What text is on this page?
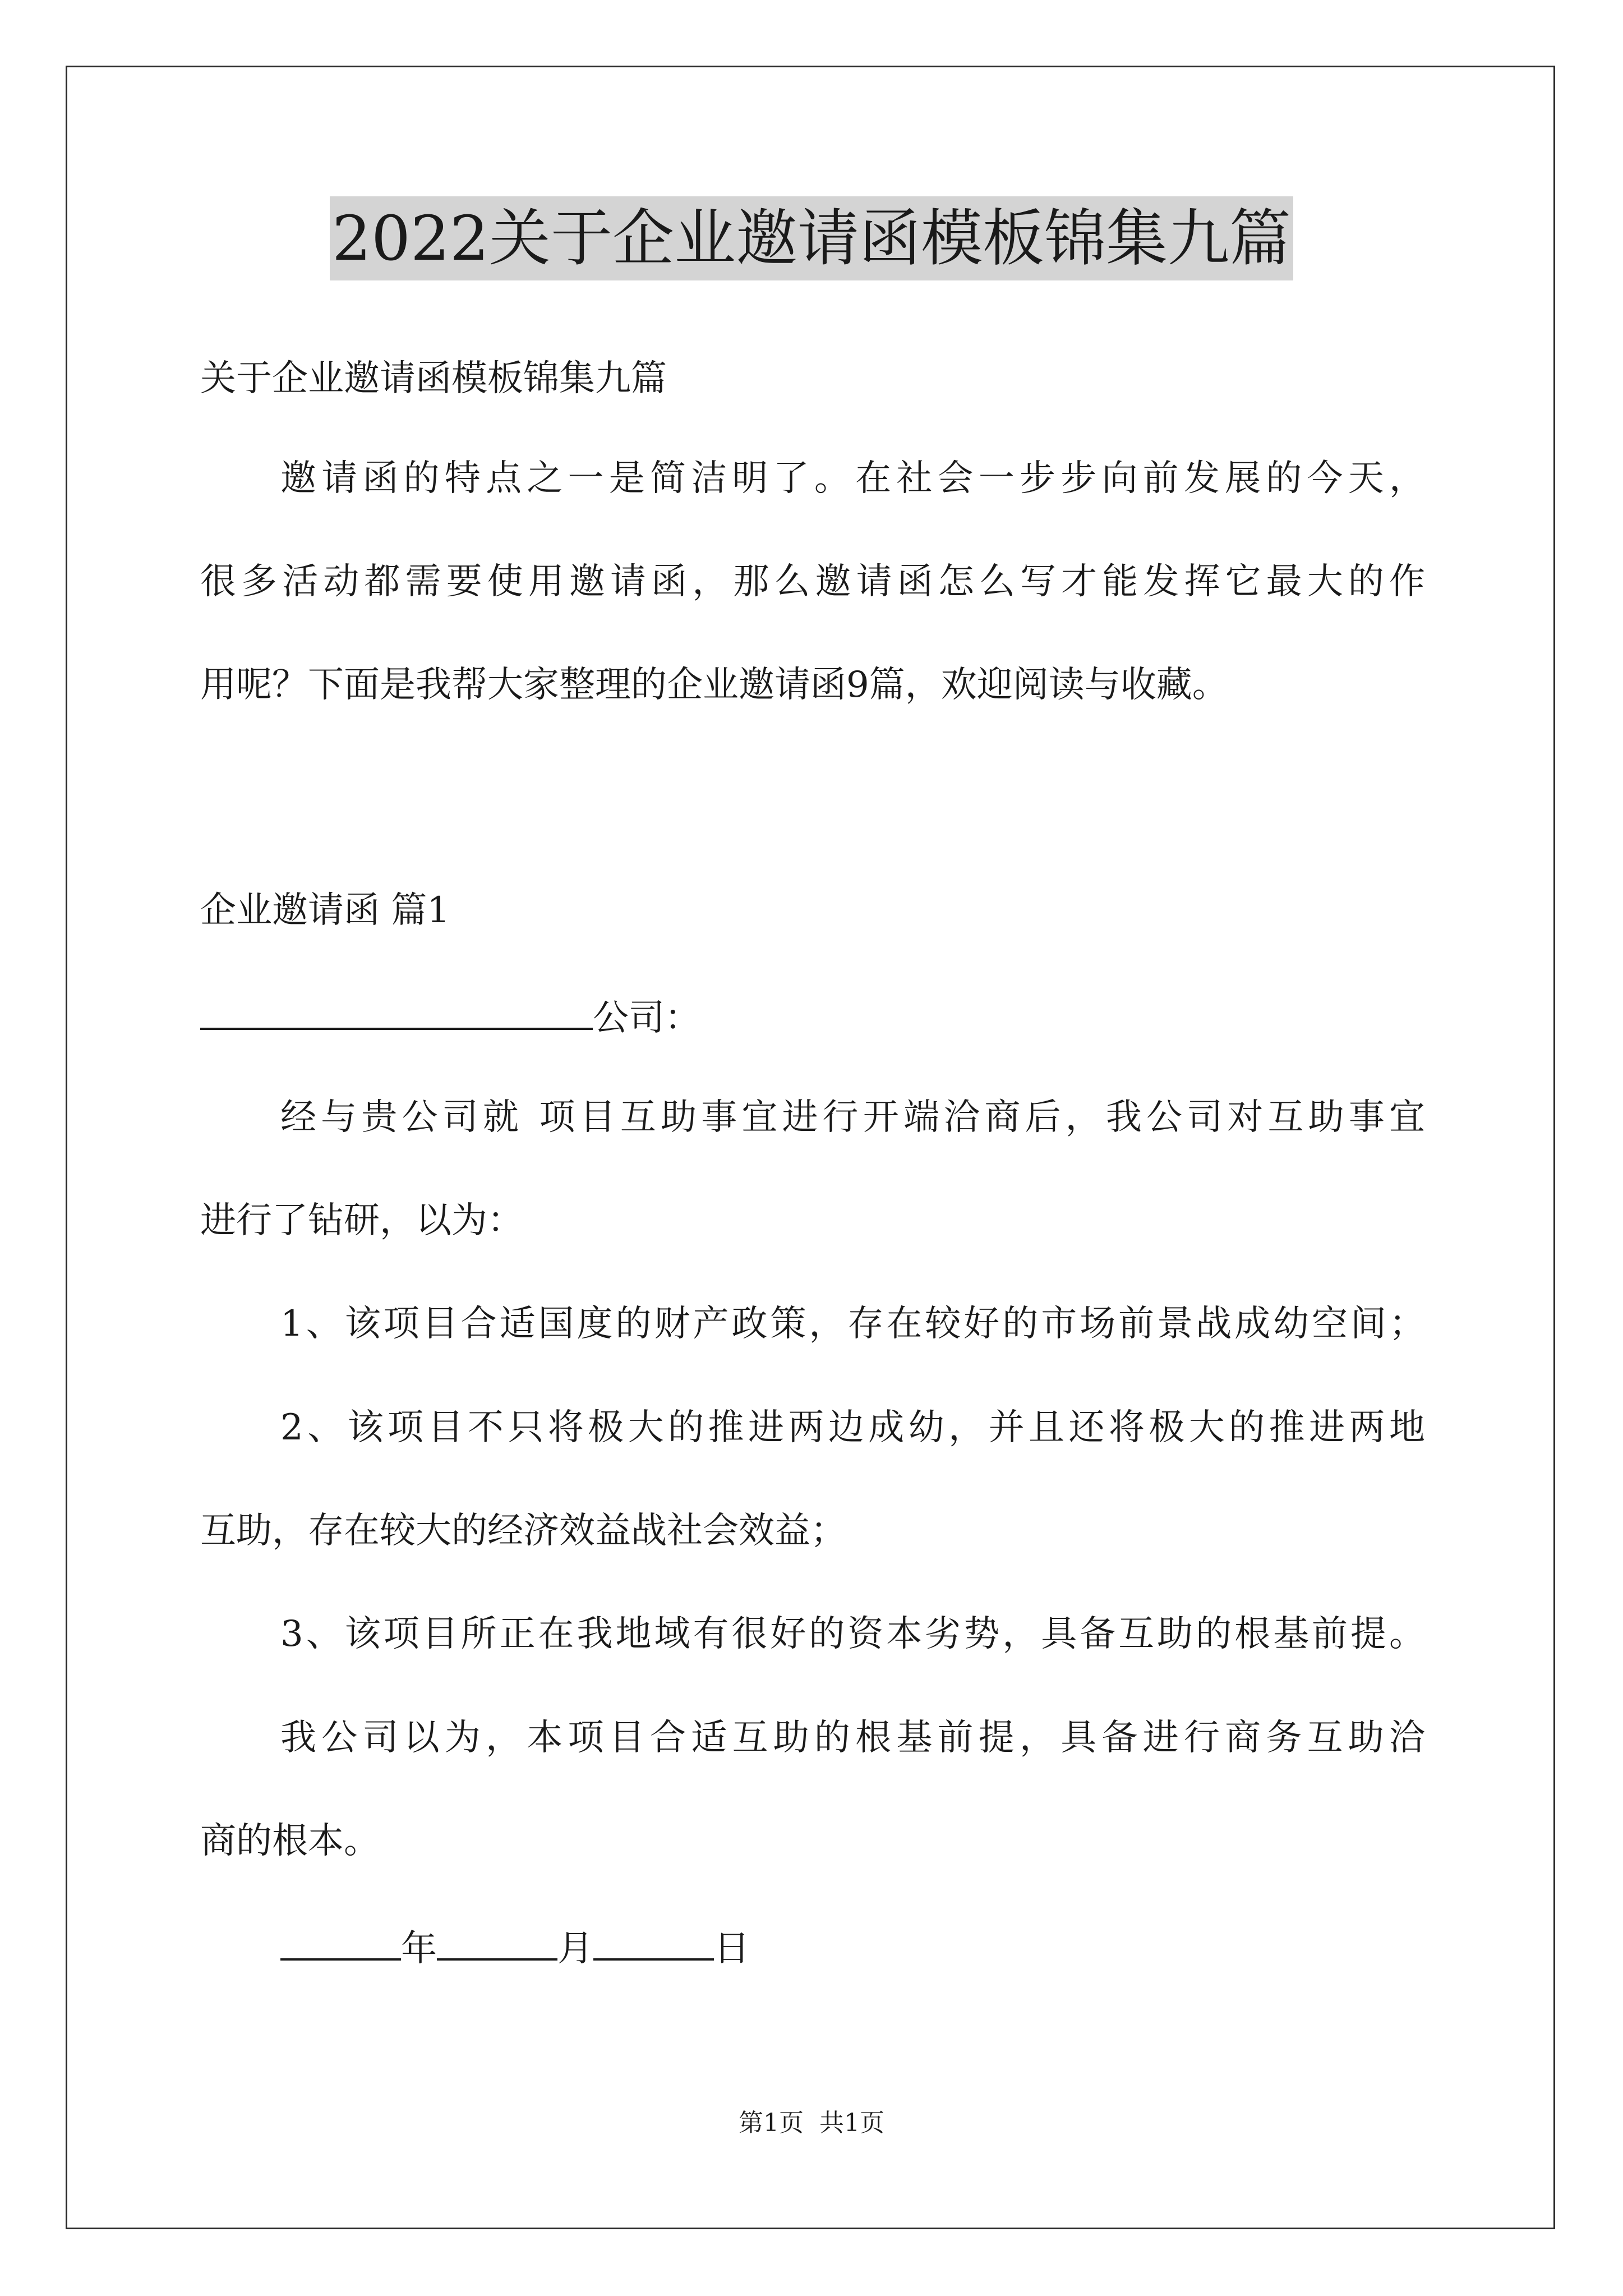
2022关于企业邀请函模板锦集九篇
关于企业邀请函模板锦集九篇
邀请函的特点之一是简洁明了。在社会一步步向前发展的今天，
很多活动都需要使用邀请函，那么邀请函怎么写才能发挥它最大的作
用呢？下面是我帮大家整理的企业邀请函9篇，欢迎阅读与收藏。
企业邀请函 篇1
公司：
经与贵公司就 项目互助事宜进行开端洽商后，我公司对互助事宜
进行了钻研，以为：
1、该项目合适国度的财产政策，存在较好的市场前景战成幼空间；
2、该项目不只将极大的推进两边成幼，并且还将极大的推进两地
互助，存在较大的经济效益战社会效益；
3、该项目所正在我地域有很好的资本劣势，具备互助的根基前提。
我公司以为，本项目合适互助的根基前提，具备进行商务互助洽
商的根本。
年	月	日
第1页 共1页
